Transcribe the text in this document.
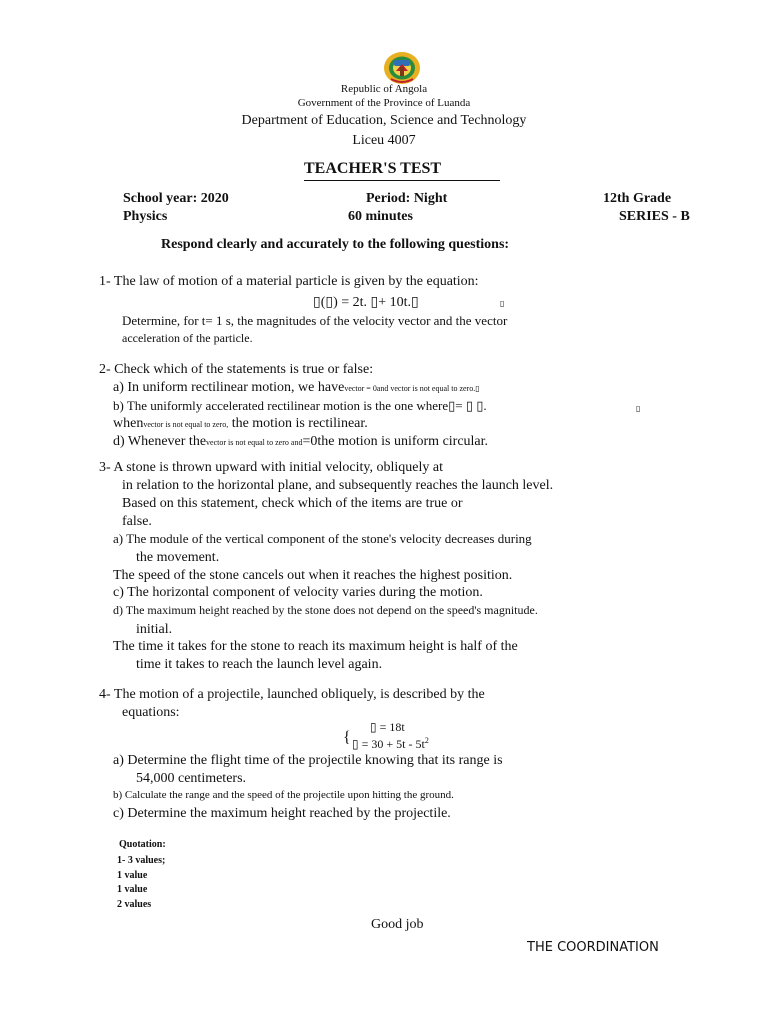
Republic of Angola
Government of the Province of Luanda
Department of Education, Science and Technology
Liceu 4007
TEACHER'S TEST
School year: 2020	Period: Night	12th Grade
Physics	60 minutes	SERIES - B
Respond clearly and accurately to the following questions:
1- The law of motion of a material particle is given by the equation:
▯(▯) = 2t. ▯+ 10t.▯	▯
Determine, for t= 1 s, the magnitudes of the velocity vector and the vector
acceleration of the particle.
2- Check which of the statements is true or false:
a) In uniform rectilinear motion, we havevector = 0and vector is not equal to zero.▯
b) The uniformly accelerated rectilinear motion is the one where▯= ▯ ▯.	▯
whenvector is not equal to zero, the motion is rectilinear.
d) Whenever thevector is not equal to zero and=0the motion is uniform circular.
3- A stone is thrown upward with initial velocity, obliquely at
in relation to the horizontal plane, and subsequently reaches the launch level.
Based on this statement, check which of the items are true or
false.
a) The module of the vertical component of the stone's velocity decreases during
the movement.
The speed of the stone cancels out when it reaches the highest position.
c) The horizontal component of velocity varies during the motion.
d) The maximum height reached by the stone does not depend on the speed's magnitude.
initial.
The time it takes for the stone to reach its maximum height is half of the
time it takes to reach the launch level again.
4- The motion of a projectile, launched obliquely, is described by the
equations:
{
▯ = 18t
▯ = $30 + 5t - 5t^2$
a) Determine the flight time of the projectile knowing that its range is
54,000 centimeters.
b) Calculate the range and the speed of the projectile upon hitting the ground.
c) Determine the maximum height reached by the projectile.
Quotation:
1- 3 values;
1 value
1 value
2 values
Good job
THE COORDINATION
